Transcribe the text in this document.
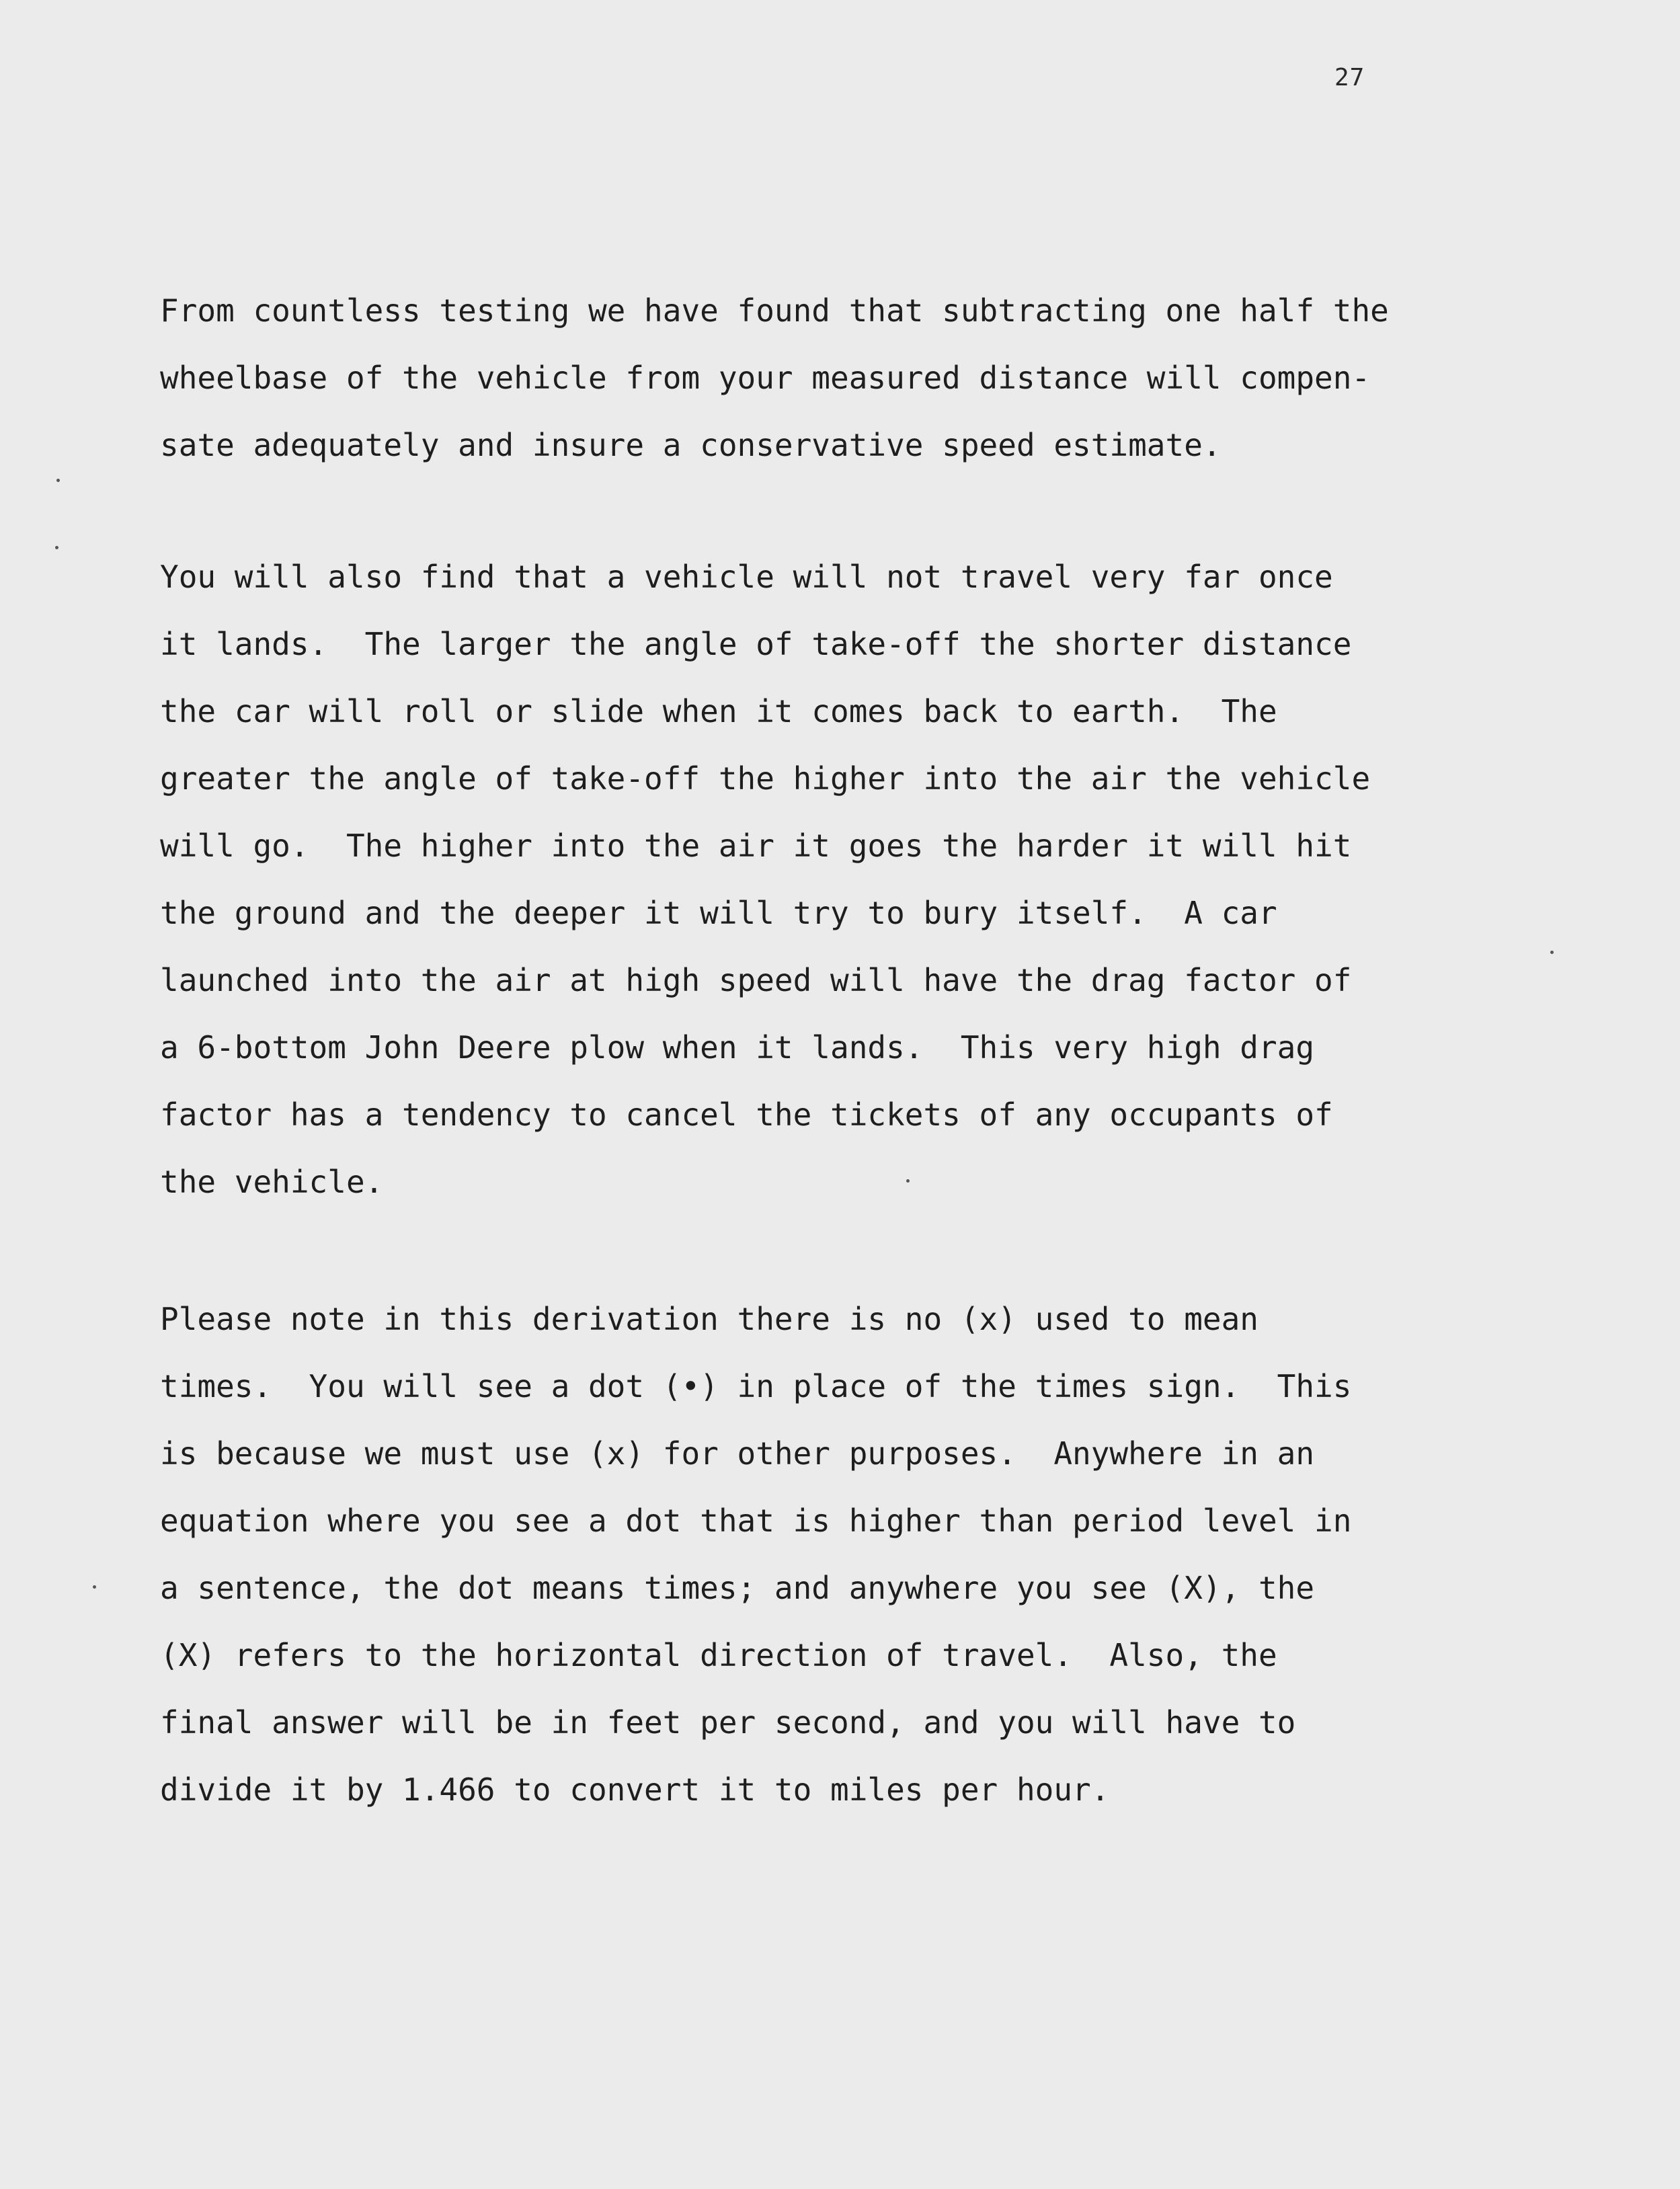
27
From countless testing we have found that subtracting one half the
wheelbase of the vehicle from your measured distance will compen-
sate adequately and insure a conservative speed estimate.
You will also find that a vehicle will not travel very far once
it lands.  The larger the angle of take-off the shorter distance
the car will roll or slide when it comes back to earth.  The
greater the angle of take-off the higher into the air the vehicle
will go.  The higher into the air it goes the harder it will hit
the ground and the deeper it will try to bury itself.  A car
launched into the air at high speed will have the drag factor of
a 6-bottom John Deere plow when it lands.  This very high drag
factor has a tendency to cancel the tickets of any occupants of
the vehicle.
Please note in this derivation there is no (x) used to mean
times.  You will see a dot (•) in place of the times sign.  This
is because we must use (x) for other purposes.  Anywhere in an
equation where you see a dot that is higher than period level in
a sentence, the dot means times; and anywhere you see (X), the
(X) refers to the horizontal direction of travel.  Also, the
final answer will be in feet per second, and you will have to
divide it by 1.466 to convert it to miles per hour.
